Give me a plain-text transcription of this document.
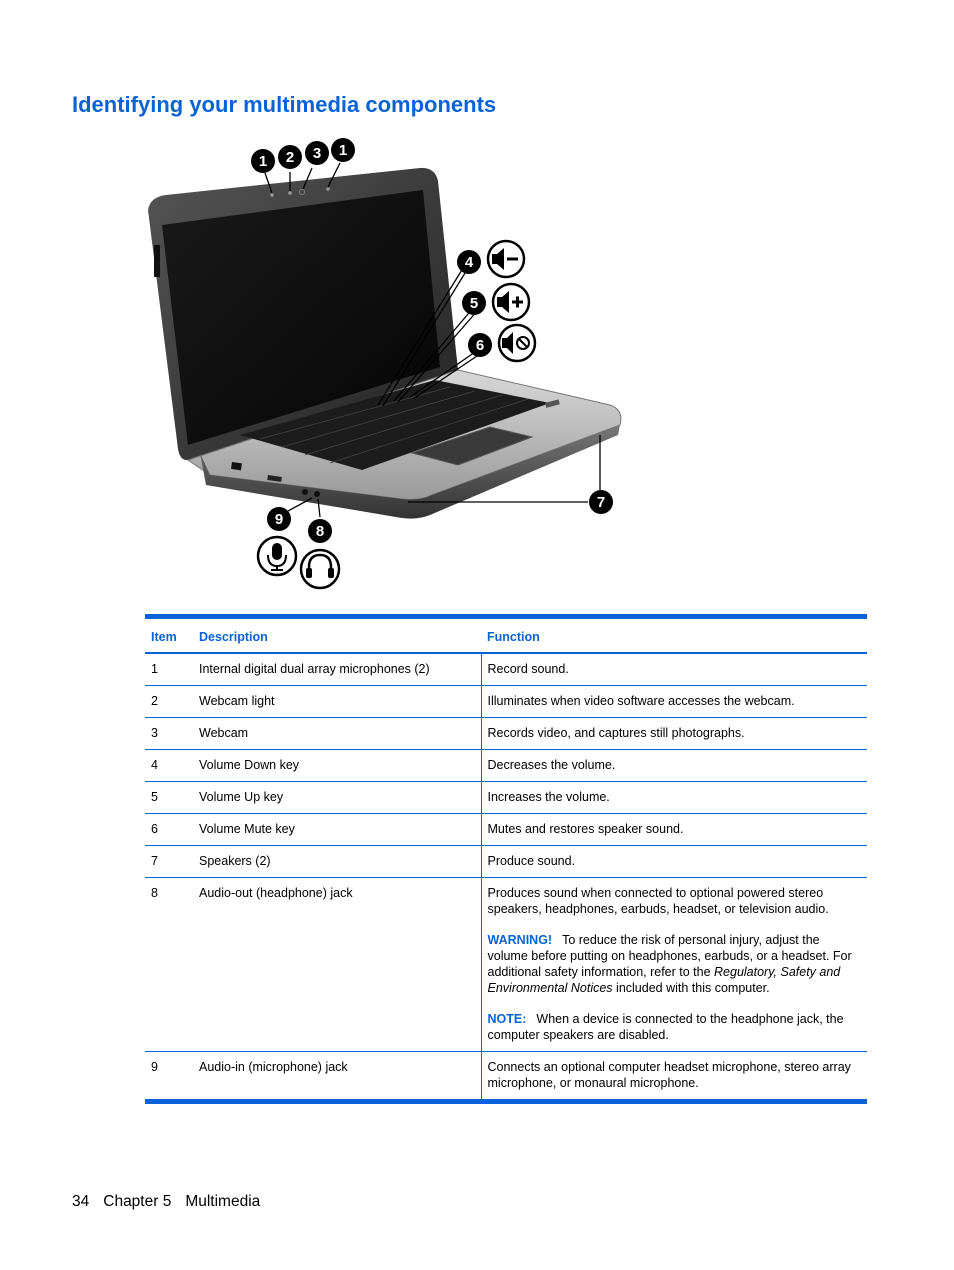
Identifying your multimedia components
1 2 3 1
4
5
6
7
9
8
Item	Description	Function
1	Internal digital dual array microphones (2)	Record sound.
2	Webcam light	Illuminates when video software accesses the webcam.
3	Webcam	Records video, and captures still photographs.
4	Volume Down key	Decreases the volume.
5	Volume Up key	Increases the volume.
6	Volume Mute key	Mutes and restores speaker sound.
7	Speakers (2)	Produce sound.
8	Audio-out (headphone) jack	Produces sound when connected to optional powered stereo speakers, headphones, earbuds, headset, or television audio.
WARNING! To reduce the risk of personal injury, adjust the volume before putting on headphones, earbuds, or a headset. For additional safety information, refer to the Regulatory, Safety and Environmental Notices included with this computer.
NOTE: When a device is connected to the headphone jack, the computer speakers are disabled.

9	Audio-in (microphone) jack	Connects an optional computer headset microphone, stereo array microphone, or monaural microphone.
34 Chapter 5 Multimedia
